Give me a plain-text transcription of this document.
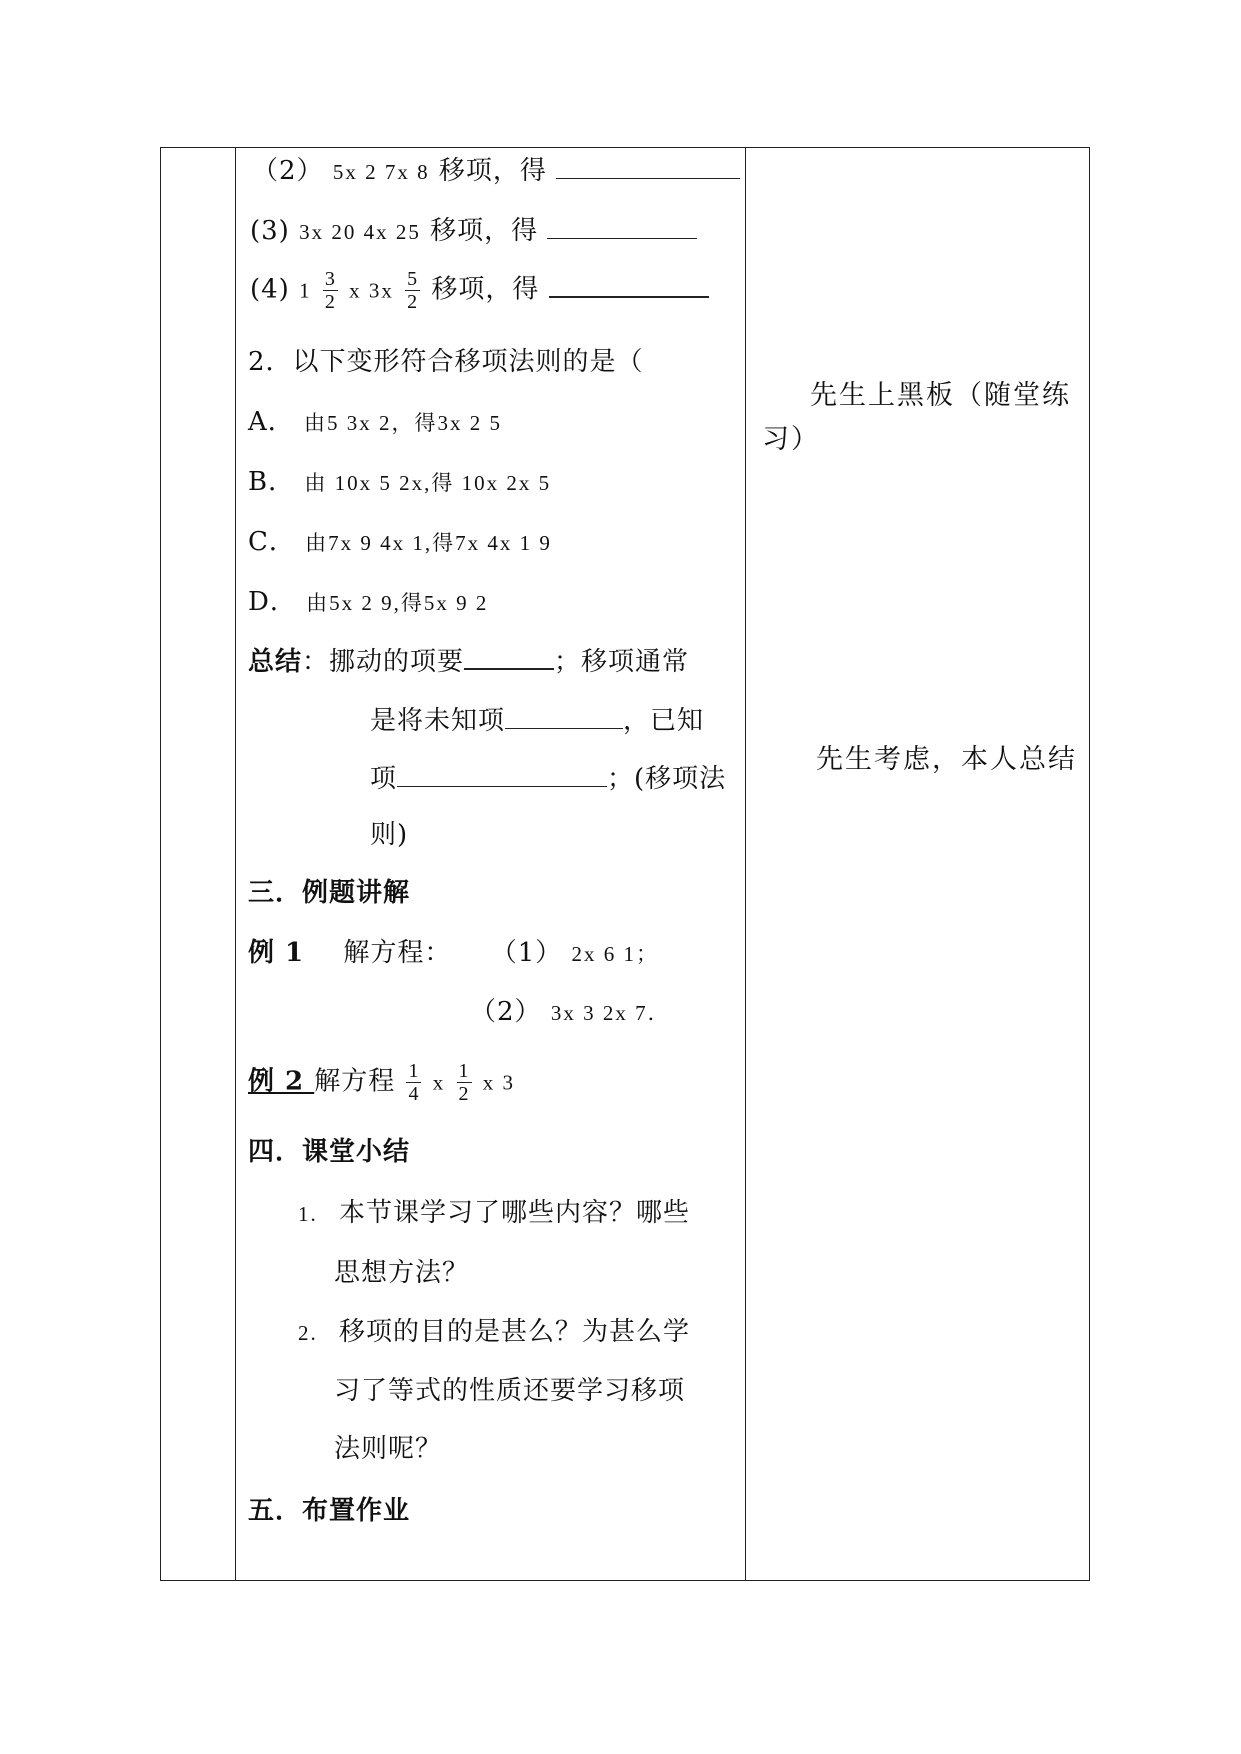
（2） 5x 2 7x 8 移项，得
(3) 3x 20 4x 25 移项，得
(4) $1 \frac{3}{2}$ x $3x \frac{5}{2}$ 移项，得
2．以下变形符合移项法则的是（
A． 由5 3x 2，得3x 2 5
B． 由 10x 5 2x,得 10x 2x 5
C． 由7x 9 4x 1,得7x 4x 1 9
D． 由5x 2 9,得5x 9 2
总结：挪动的项要	；移项通常
是将未知项	，已知
项	；(移项法
则)
三．例题讲解
例 1 解方程： （1） 2x 6 1；
（2） 3x 3 2x 7．
例 2 解方程 $\frac{1}{4}$ x $\frac{1}{2}$ x 3
四．课堂小结
1. 本节课学习了哪些内容？哪些
思想方法？
2. 移项的目的是甚么？为甚么学
习了等式的性质还要学习移项
法则呢？
五．布置作业
先生上黑板（随堂练
习）
先生考虑，本人总结
